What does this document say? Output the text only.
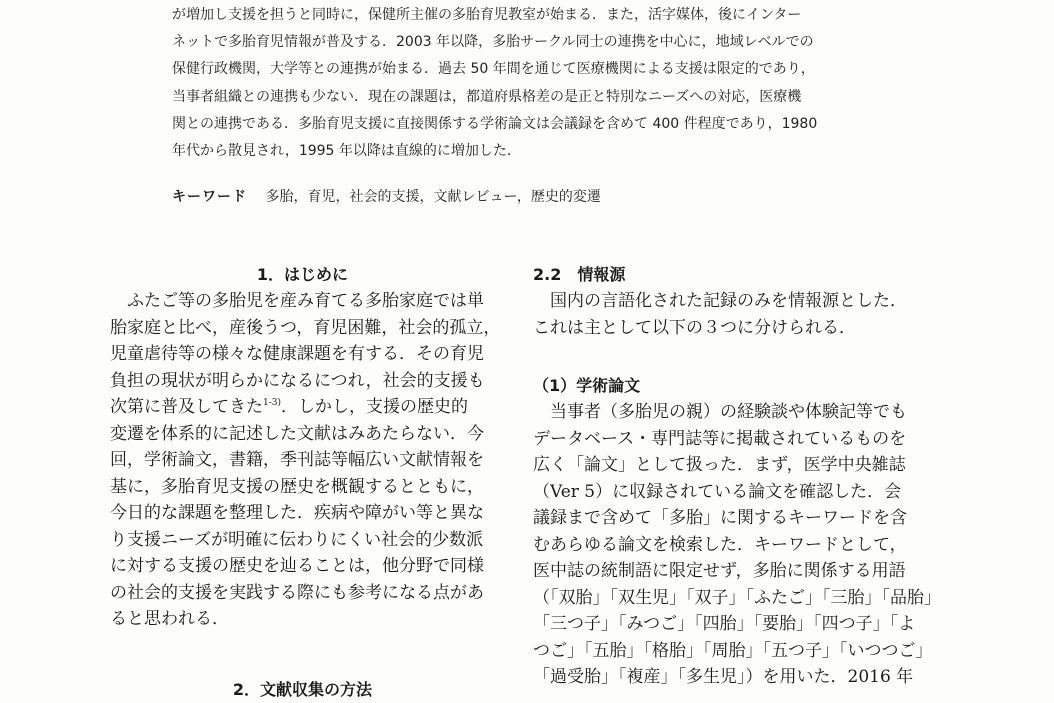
が増加し支援を担うと同時に，保健所主催の多胎育児教室が始まる．また，活字媒体，後にインター
ネットで多胎育児情報が普及する．2003 年以降，多胎サークル同士の連携を中心に，地域レベルでの
保健行政機関，大学等との連携が始まる．過去 50 年間を通じて医療機関による支援は限定的であり，
当事者組織との連携も少ない．現在の課題は，都道府県格差の是正と特別なニーズへの対応，医療機
関との連携である．多胎育児支援に直接関係する学術論文は会議録を含めて 400 件程度であり，1980
年代から散見され，1995 年以降は直線的に増加した．
キーワード 多胎，育児，社会的支援，文献レビュー，歴史的変遷
1．はじめに
　ふたご等の多胎児を産み育てる多胎家庭では単
胎家庭と比べ，産後うつ，育児困難，社会的孤立，
児童虐待等の様々な健康課題を有する．その育児
負担の現状が明らかになるにつれ，社会的支援も
次第に普及してきた$^{1-3)}$．しかし，支援の歴史的
変遷を体系的に記述した文献はみあたらない．今
回，学術論文，書籍，季刊誌等幅広い文献情報を
基に，多胎育児支援の歴史を概観するとともに，
今日的な課題を整理した．疾病や障がい等と異な
り支援ニーズが明確に伝わりにくい社会的少数派
に対する支援の歴史を辿ることは，他分野で同様
の社会的支援を実践する際にも参考になる点があ
ると思われる．
2．文献収集の方法
2.2　情報源
　国内の言語化された記録のみを情報源とした．
これは主として以下の３つに分けられる．
（1）学術論文
　当事者（多胎児の親）の経験談や体験記等でも
データベース・専門誌等に掲載されているものを
広く「論文」として扱った．まず，医学中央雑誌
（Ver 5）に収録されている論文を確認した．会
議録まで含めて「多胎」に関するキーワードを含
むあらゆる論文を検索した．キーワードとして，
医中誌の統制語に限定せず，多胎に関係する用語
（「双胎」「双生児」「双子」「ふたご」「三胎」「品胎」
「三つ子」「みつご」「四胎」「要胎」「四つ子」「よ
つご」「五胎」「格胎」「周胎」「五つ子」「いつつご」
「過受胎」「複産」「多生児」）を用いた．2016 年
